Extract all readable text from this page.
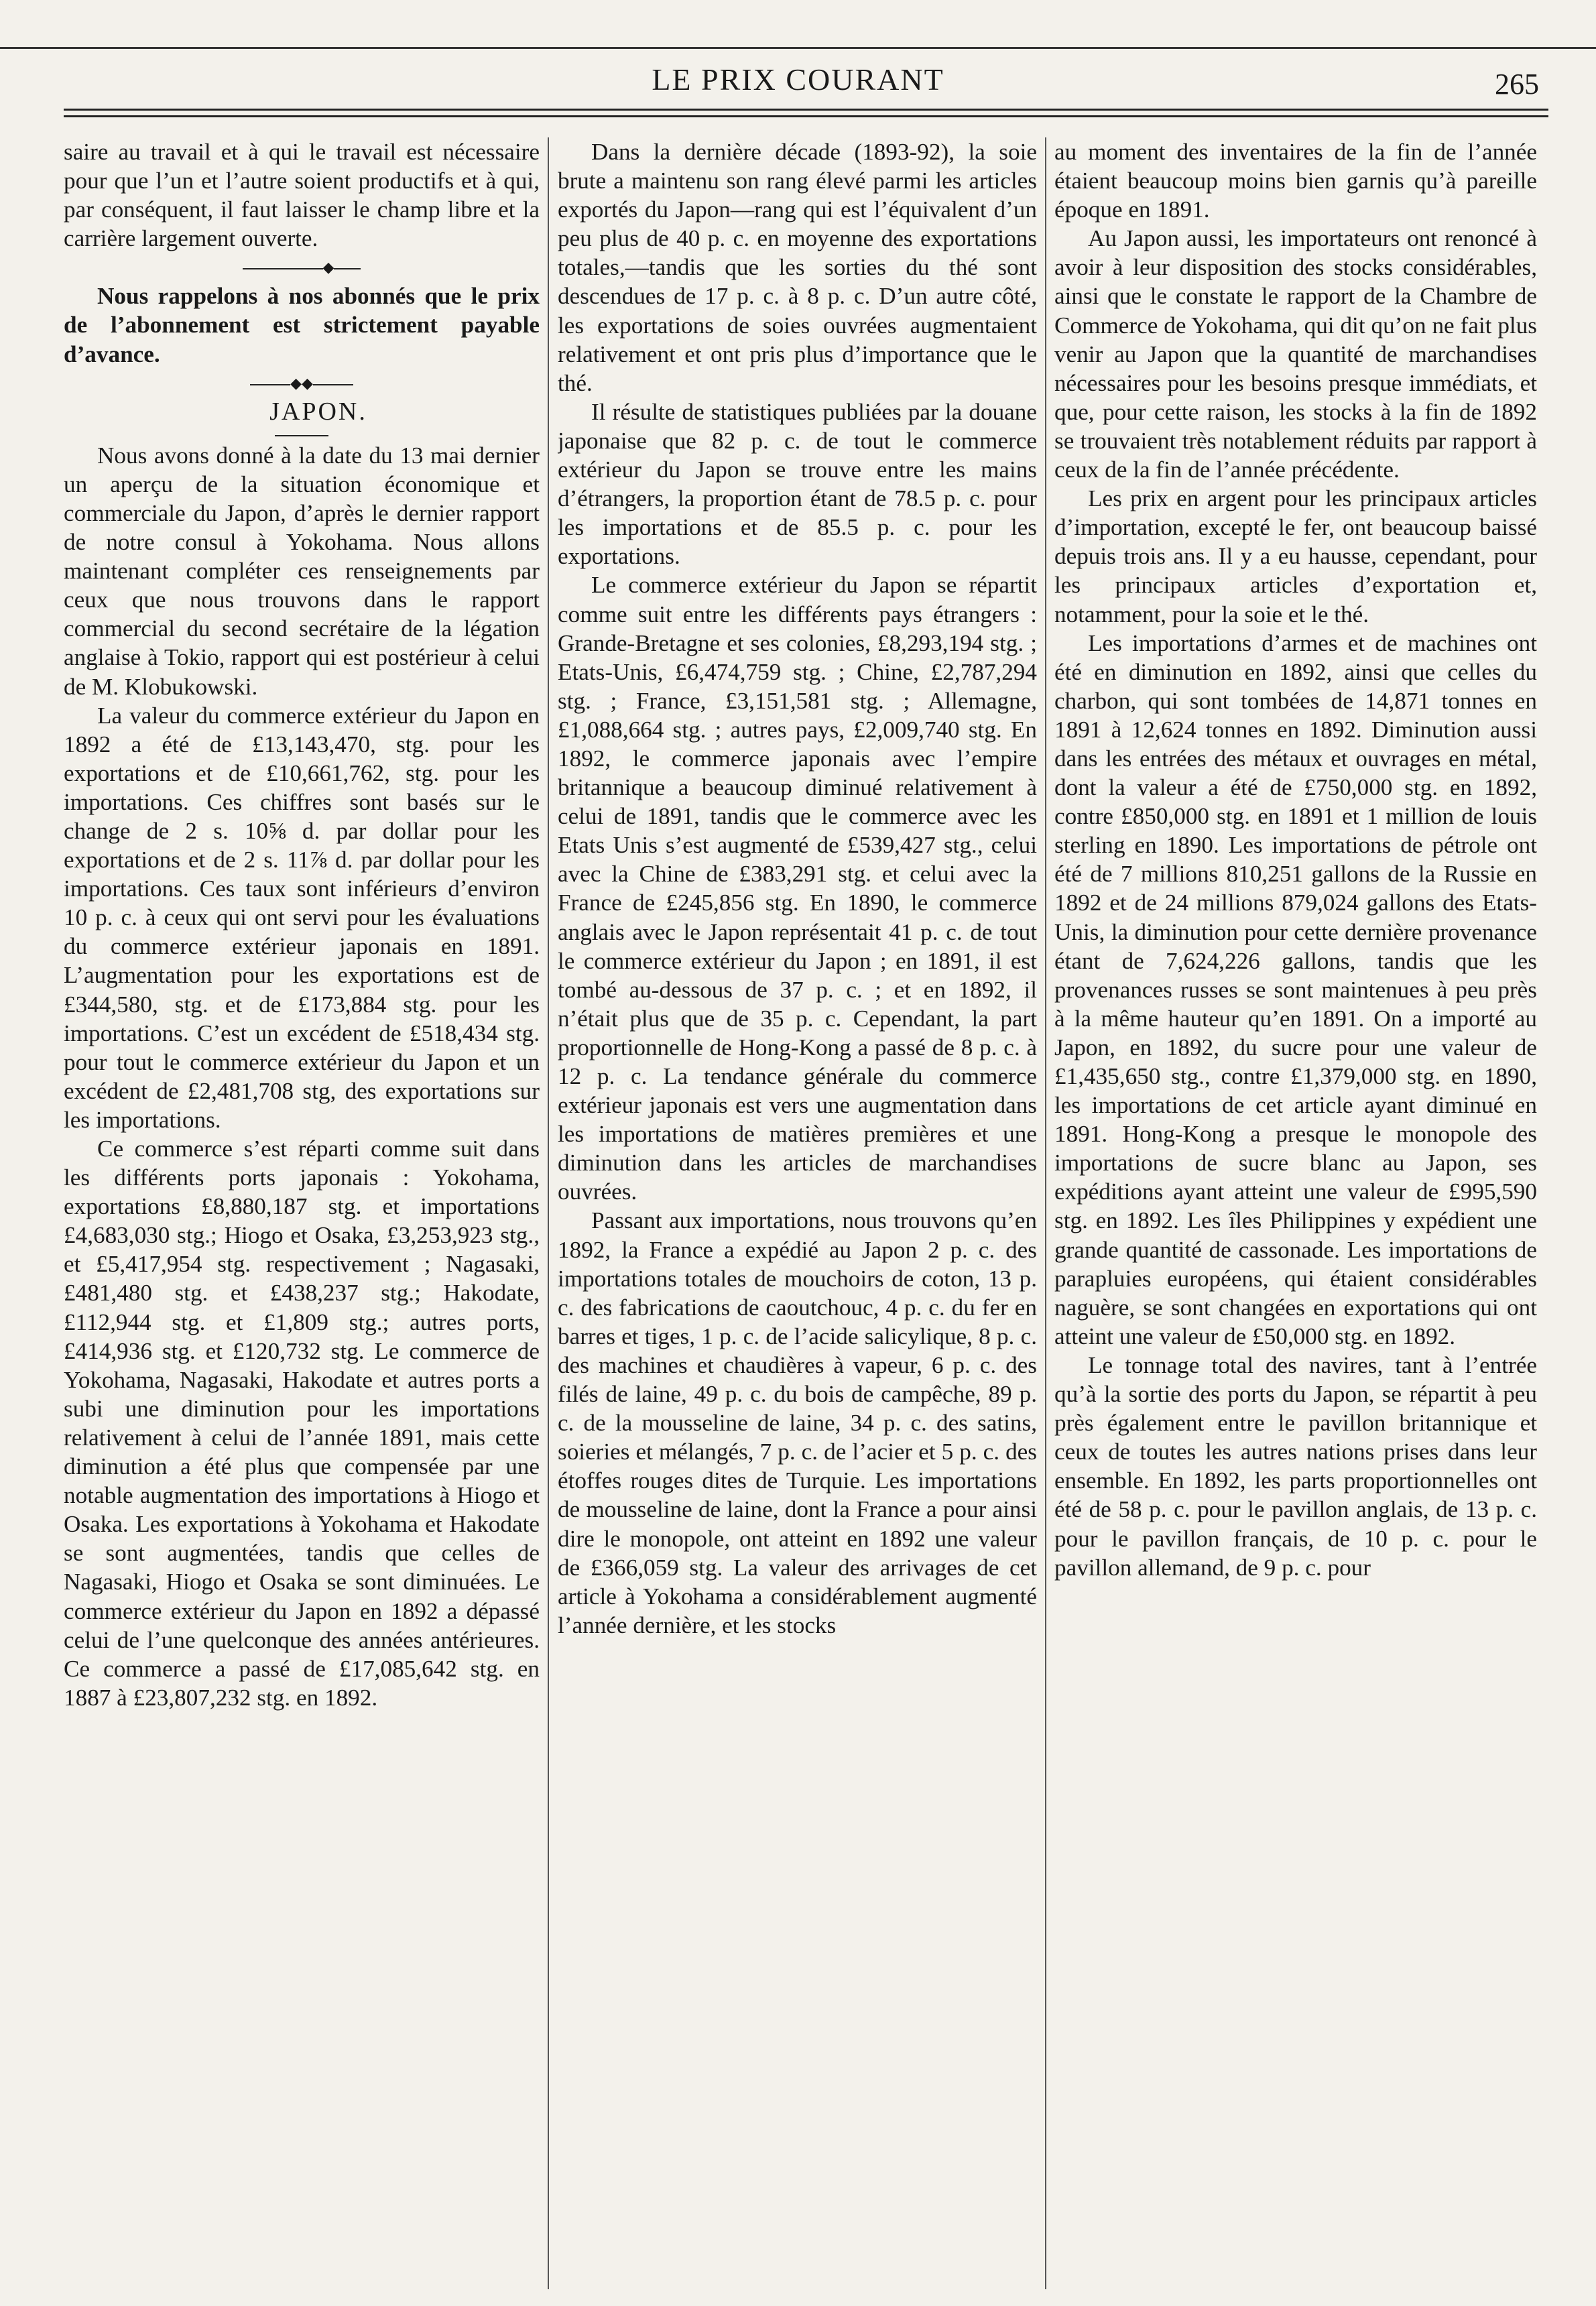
LE PRIX COURANT	265

saire au travail et à qui le travail est nécessaire pour que l’un et l’autre soient productifs et à qui, par conséquent, il faut laisser le champ libre et la carrière largement ouverte.

◆

Nous rappelons à nos abonnés que le prix de l’abonnement est strictement payable d’avance.

◆◆

JAPON.

Nous avons donné à la date du 13 mai dernier un aperçu de la situation économique et commerciale du Japon, d’après le dernier rapport de notre consul à Yokohama. Nous allons maintenant compléter ces renseignements par ceux que nous trouvons dans le rapport commercial du second secrétaire de la légation anglaise à Tokio, rapport qui est postérieur à celui de M. Klobukowski.

La valeur du commerce extérieur du Japon en 1892 a été de £13,143,470, stg. pour les exportations et de £10,661,762, stg. pour les importations. Ces chiffres sont basés sur le change de 2 s. 10⅝ d. par dollar pour les exportations et de 2 s. 11⅞ d. par dollar pour les importations. Ces taux sont inférieurs d’environ 10 p. c. à ceux qui ont servi pour les évaluations du commerce extérieur japonais en 1891. L’augmentation pour les exportations est de £344,580, stg. et de £173,884 stg. pour les importations. C’est un excédent de £518,434 stg. pour tout le commerce extérieur du Japon et un excédent de £2,481,708 stg, des exportations sur les importations.

Ce commerce s’est réparti comme suit dans les différents ports japonais : Yokohama, exportations £8,880,187 stg. et importations £4,683,030 stg.; Hiogo et Osaka, £3,253,923 stg., et £5,417,954 stg. respectivement ; Nagasaki, £481,480 stg. et £438,237 stg.; Hakodate, £112,944 stg. et £1,809 stg.; autres ports, £414,936 stg. et £120,732 stg. Le commerce de Yokohama, Nagasaki, Hakodate et autres ports a subi une diminution pour les importations relativement à celui de l’année 1891, mais cette diminution a été plus que compensée par une notable augmentation des importations à Hiogo et Osaka. Les exportations à Yokohama et Hakodate se sont augmentées, tandis que celles de Nagasaki, Hiogo et Osaka se sont diminuées. Le commerce extérieur du Japon en 1892 a dépassé celui de l’une quelconque des années antérieures. Ce commerce a passé de £17,085,642 stg. en 1887 à £23,807,232 stg. en 1892.

Dans la dernière décade (1893-92), la soie brute a maintenu son rang élevé parmi les articles exportés du Japon—rang qui est l’équivalent d’un peu plus de 40 p. c. en moyenne des exportations totales,—tandis que les sorties du thé sont descendues de 17 p. c. à 8 p. c. D’un autre côté, les exportations de soies ouvrées augmentaient relativement et ont pris plus d’importance que le thé.

Il résulte de statistiques publiées par la douane japonaise que 82 p. c. de tout le commerce extérieur du Japon se trouve entre les mains d’étrangers, la proportion étant de 78.5 p. c. pour les importations et de 85.5 p. c. pour les exportations.

Le commerce extérieur du Japon se répartit comme suit entre les différents pays étrangers : Grande-Bretagne et ses colonies, £8,293,194 stg. ; Etats-Unis, £6,474,759 stg. ; Chine, £2,787,294 stg. ; France, £3,151,581 stg. ; Allemagne, £1,088,664 stg. ; autres pays, £2,009,740 stg. En 1892, le commerce japonais avec l’empire britannique a beaucoup diminué relativement à celui de 1891, tandis que le commerce avec les Etats Unis s’est augmenté de £539,427 stg., celui avec la Chine de £383,291 stg. et celui avec la France de £245,856 stg. En 1890, le commerce anglais avec le Japon représentait 41 p. c. de tout le commerce extérieur du Japon ; en 1891, il est tombé au-dessous de 37 p. c. ; et en 1892, il n’était plus que de 35 p. c. Cependant, la part proportionnelle de Hong-Kong a passé de 8 p. c. à 12 p. c. La tendance générale du commerce extérieur japonais est vers une augmentation dans les importations de matières premières et une diminution dans les articles de marchandises ouvrées.

Passant aux importations, nous trouvons qu’en 1892, la France a expédié au Japon 2 p. c. des importations totales de mouchoirs de coton, 13 p. c. des fabrications de caoutchouc, 4 p. c. du fer en barres et tiges, 1 p. c. de l’acide salicylique, 8 p. c. des machines et chaudières à vapeur, 6 p. c. des filés de laine, 49 p. c. du bois de campêche, 89 p. c. de la mousseline de laine, 34 p. c. des satins, soieries et mélangés, 7 p. c. de l’acier et 5 p. c. des étoffes rouges dites de Turquie. Les importations de mousseline de laine, dont la France a pour ainsi dire le monopole, ont atteint en 1892 une valeur de £366,059 stg. La valeur des arrivages de cet article à Yokohama a considérablement augmenté l’année dernière, et les stocks

au moment des inventaires de la fin de l’année étaient beaucoup moins bien garnis qu’à pareille époque en 1891.

Au Japon aussi, les importateurs ont renoncé à avoir à leur disposition des stocks considérables, ainsi que le constate le rapport de la Chambre de Commerce de Yokohama, qui dit qu’on ne fait plus venir au Japon que la quantité de marchandises nécessaires pour les besoins presque immédiats, et que, pour cette raison, les stocks à la fin de 1892 se trouvaient très notablement réduits par rapport à ceux de la fin de l’année précédente.

Les prix en argent pour les principaux articles d’importation, excepté le fer, ont beaucoup baissé depuis trois ans. Il y a eu hausse, cependant, pour les principaux articles d’exportation et, notamment, pour la soie et le thé.

Les importations d’armes et de machines ont été en diminution en 1892, ainsi que celles du charbon, qui sont tombées de 14,871 tonnes en 1891 à 12,624 tonnes en 1892. Diminution aussi dans les entrées des métaux et ouvrages en métal, dont la valeur a été de £750,000 stg. en 1892, contre £850,000 stg. en 1891 et 1 million de louis sterling en 1890. Les importations de pétrole ont été de 7 millions 810,251 gallons de la Russie en 1892 et de 24 millions 879,024 gallons des Etats-Unis, la diminution pour cette dernière provenance étant de 7,624,226 gallons, tandis que les provenances russes se sont maintenues à peu près à la même hauteur qu’en 1891. On a importé au Japon, en 1892, du sucre pour une valeur de £1,435,650 stg., contre £1,379,000 stg. en 1890, les importations de cet article ayant diminué en 1891. Hong-Kong a presque le monopole des importations de sucre blanc au Japon, ses expéditions ayant atteint une valeur de £995,590 stg. en 1892. Les îles Philippines y expédient une grande quantité de cassonade. Les importations de parapluies européens, qui étaient considérables naguère, se sont changées en exportations qui ont atteint une valeur de £50,000 stg. en 1892.

Le tonnage total des navires, tant à l’entrée qu’à la sortie des ports du Japon, se répartit à peu près également entre le pavillon britannique et ceux de toutes les autres nations prises dans leur ensemble. En 1892, les parts proportionnelles ont été de 58 p. c. pour le pavillon anglais, de 13 p. c. pour le pavillon français, de 10 p. c. pour le pavillon allemand, de 9 p. c. pour
